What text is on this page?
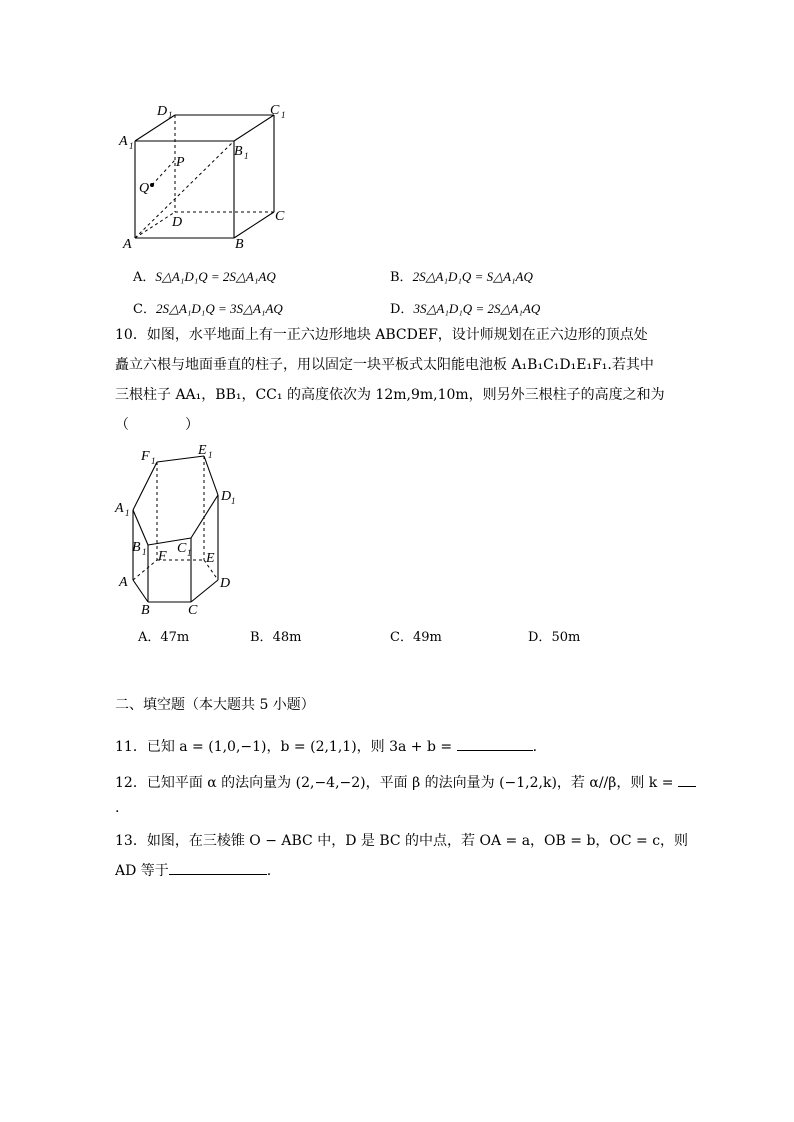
D 1	C 1
A 1	B 1
P
Q
D	C
A	B
A．S△A₁D₁Q = 2S△A₁AQ	B．2S△A₁D₁Q = S△A₁AQ
C．2S△A₁D₁Q = 3S△A₁AQ	D．3S△A₁D₁Q = 2S△A₁AQ
10．如图，水平地面上有一正六边形地块 ABCDEF，设计师规划在正六边形的顶点处
矗立六根与地面垂直的柱子，用以固定一块平板式太阳能电池板 A₁B₁C₁D₁E₁F₁.若其中
三根柱子 AA₁，BB₁，CC₁ 的高度依次为 12m,9m,10m，则另外三根柱子的高度之和为
（　　　　）
F 1
E 1
A 1
D 1
B 1 C 1
F	E
A	D
B	C
A．47m	B．48m	C．49m	D．50m
二、填空题（本大题共 5 小题）
11．已知 a = (1,0,−1)，b = (2,1,1)，则 3a + b =	.
12．已知平面 α 的法向量为 (2,−4,−2)，平面 β 的法向量为 (−1,2,k)，若 α//β，则 k =
.
13．如图，在三棱锥 O − ABC 中，D 是 BC 的中点，若 OA = a，OB = b，OC = c，则
AD 等于	.
